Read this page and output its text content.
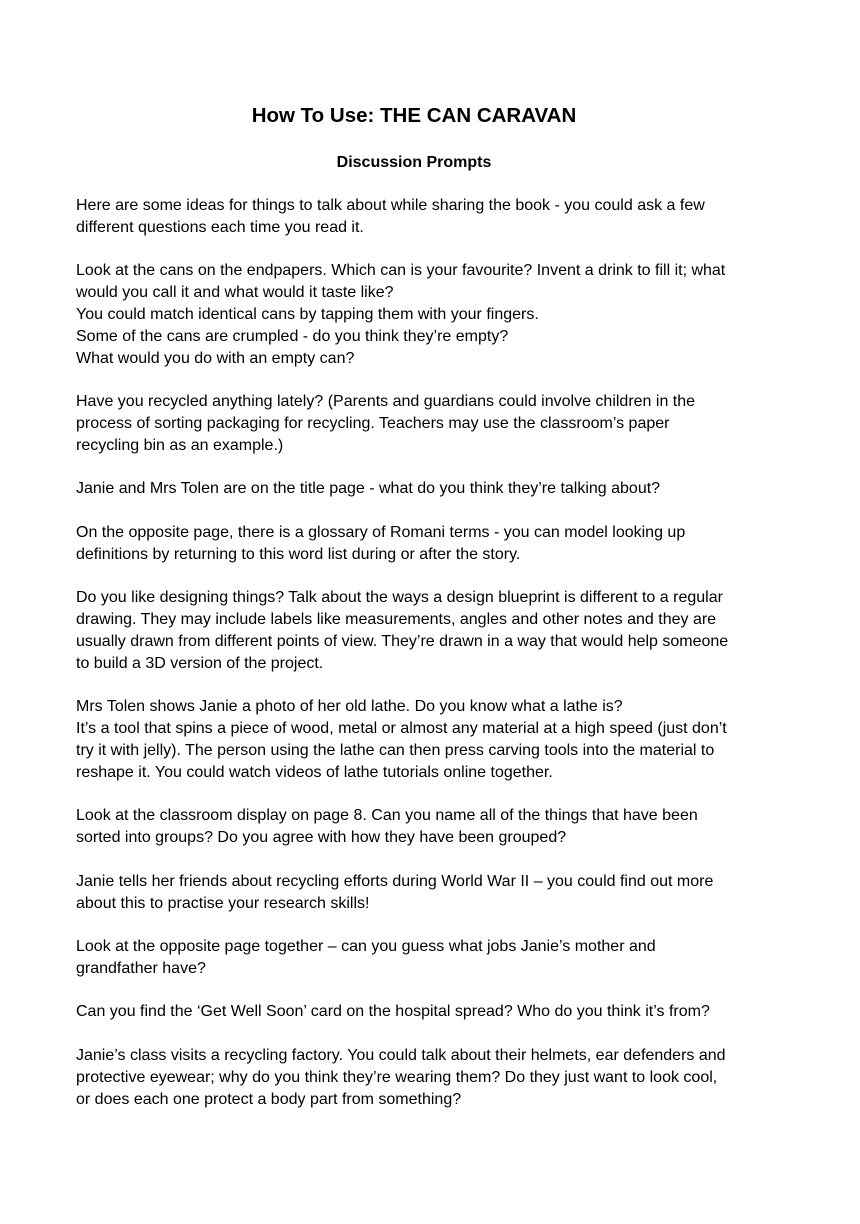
How To Use: THE CAN CARAVAN
Discussion Prompts

Here are some ideas for things to talk about while sharing the book - you could ask a few
different questions each time you read it.

Look at the cans on the endpapers. Which can is your favourite? Invent a drink to fill it; what
would you call it and what would it taste like?
You could match identical cans by tapping them with your fingers.
Some of the cans are crumpled - do you think they’re empty?
What would you do with an empty can?

Have you recycled anything lately? (Parents and guardians could involve children in the
process of sorting packaging for recycling. Teachers may use the classroom’s paper
recycling bin as an example.)

Janie and Mrs Tolen are on the title page - what do you think they’re talking about?

On the opposite page, there is a glossary of Romani terms - you can model looking up
definitions by returning to this word list during or after the story.

Do you like designing things? Talk about the ways a design blueprint is different to a regular
drawing. They may include labels like measurements, angles and other notes and they are
usually drawn from different points of view. They’re drawn in a way that would help someone
to build a 3D version of the project.

Mrs Tolen shows Janie a photo of her old lathe. Do you know what a lathe is?
It’s a tool that spins a piece of wood, metal or almost any material at a high speed (just don’t
try it with jelly). The person using the lathe can then press carving tools into the material to
reshape it. You could watch videos of lathe tutorials online together.

Look at the classroom display on page 8. Can you name all of the things that have been
sorted into groups? Do you agree with how they have been grouped?

Janie tells her friends about recycling efforts during World War II – you could find out more
about this to practise your research skills!

Look at the opposite page together – can you guess what jobs Janie’s mother and
grandfather have?

Can you find the ‘Get Well Soon’ card on the hospital spread? Who do you think it’s from?

Janie’s class visits a recycling factory. You could talk about their helmets, ear defenders and
protective eyewear; why do you think they’re wearing them? Do they just want to look cool,
or does each one protect a body part from something?
